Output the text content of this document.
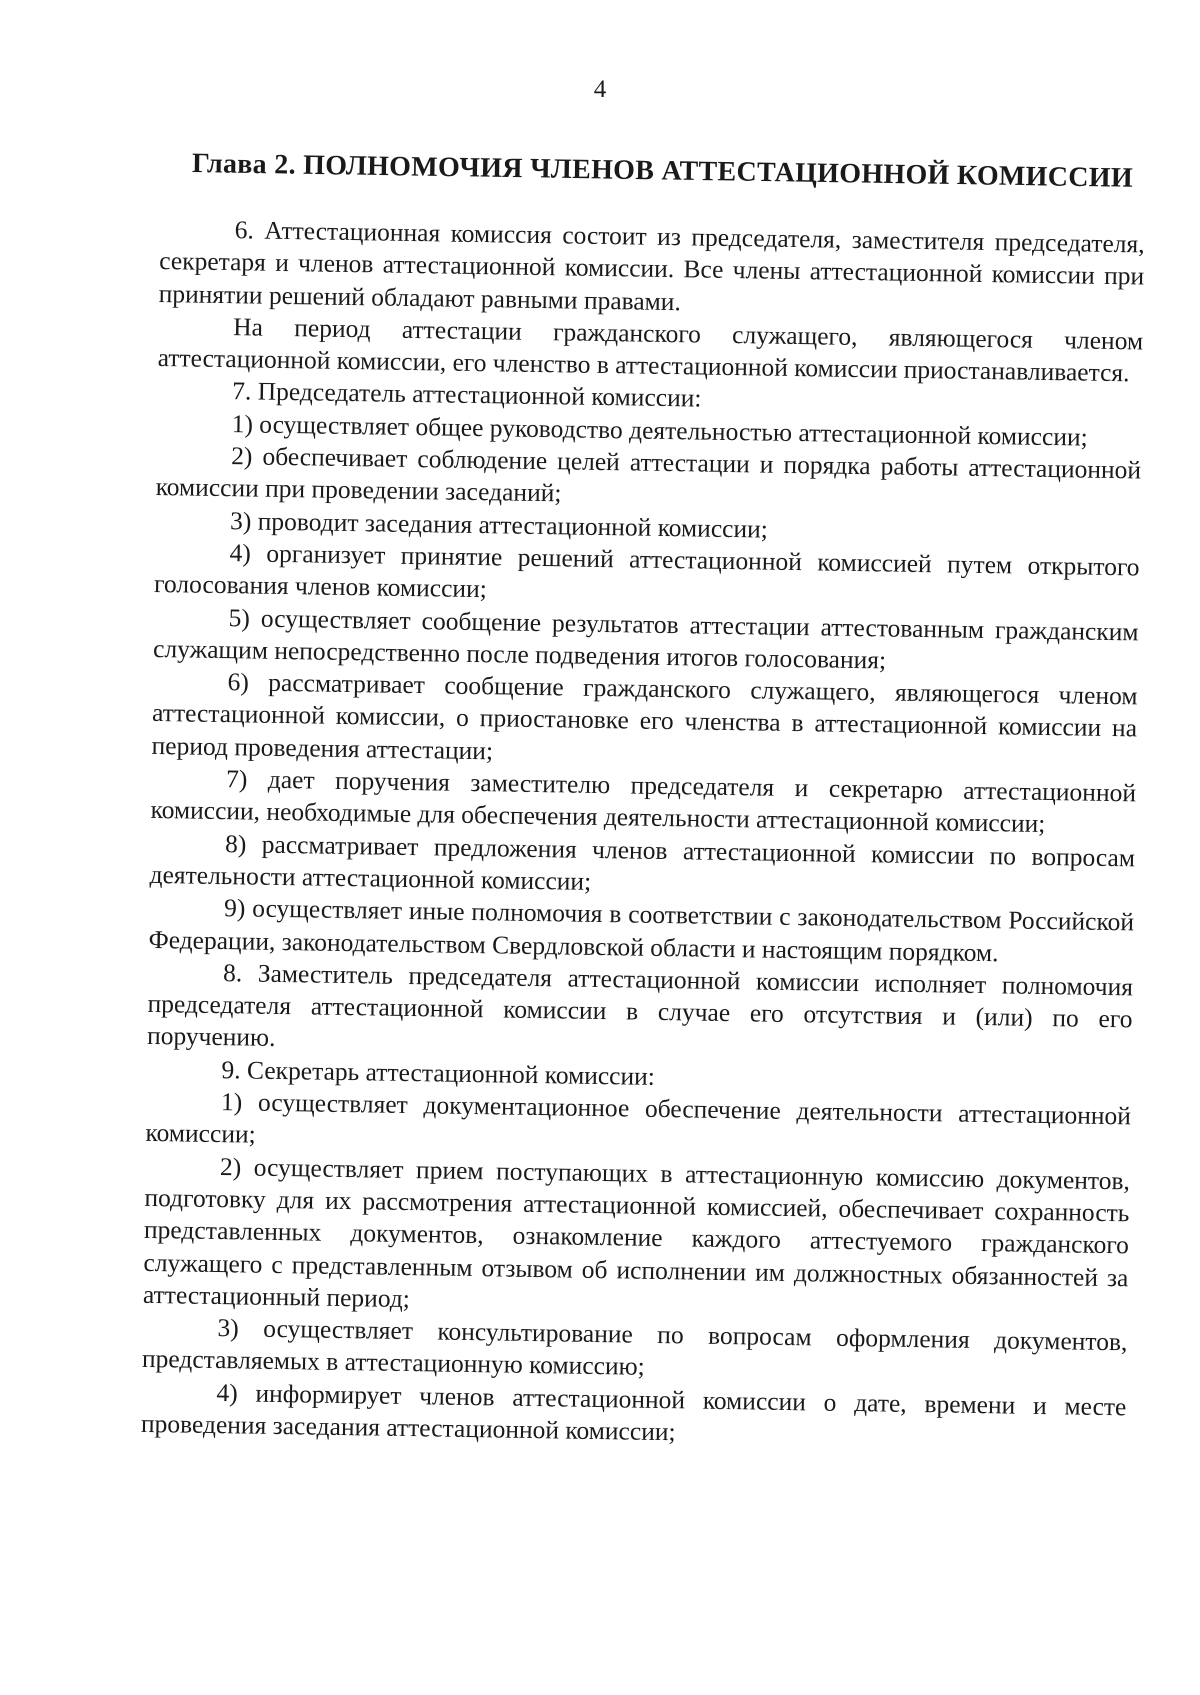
4
Глава 2. ПОЛНОМОЧИЯ ЧЛЕНОВ АТТЕСТАЦИОННОЙ КОМИССИИ

6. Аттестационная комиссия состоит из председателя, заместителя председателя, секретаря и членов аттестационной комиссии. Все члены аттестационной комиссии при принятии решений обладают равными правами.

На период аттестации гражданского служащего, являющегося членом аттестационной комиссии, его членство в аттестационной комиссии приостанавливается.

7. Председатель аттестационной комиссии:

1) осуществляет общее руководство деятельностью аттестационной комиссии;

2) обеспечивает соблюдение целей аттестации и порядка работы аттестационной комиссии при проведении заседаний;

3) проводит заседания аттестационной комиссии;

4) организует принятие решений аттестационной комиссией путем открытого голосования членов комиссии;

5) осуществляет сообщение результатов аттестации аттестованным гражданским служащим непосредственно после подведения итогов голосования;

6) рассматривает сообщение гражданского служащего, являющегося членом аттестационной комиссии, о приостановке его членства в аттестационной комиссии на период проведения аттестации;

7) дает поручения заместителю председателя и секретарю аттестационной комиссии, необходимые для обеспечения деятельности аттестационной комиссии;

8) рассматривает предложения членов аттестационной комиссии по вопросам деятельности аттестационной комиссии;

9) осуществляет иные полномочия в соответствии с законодательством Российской Федерации, законодательством Свердловской области и настоящим порядком.

8. Заместитель председателя аттестационной комиссии исполняет полномочия председателя аттестационной комиссии в случае его отсутствия и (или) по его поручению.

9. Секретарь аттестационной комиссии:

1) осуществляет документационное обеспечение деятельности аттестационной комиссии;

2) осуществляет прием поступающих в аттестационную комиссию документов, подготовку для их рассмотрения аттестационной комиссией, обеспечивает сохранность представленных документов, ознакомление каждого аттестуемого гражданского служащего с представленным отзывом об исполнении им должностных обязанностей за аттестационный период;

3) осуществляет консультирование по вопросам оформления документов, представляемых в аттестационную комиссию;

4) информирует членов аттестационной комиссии о дате, времени и месте проведения заседания аттестационной комиссии;
